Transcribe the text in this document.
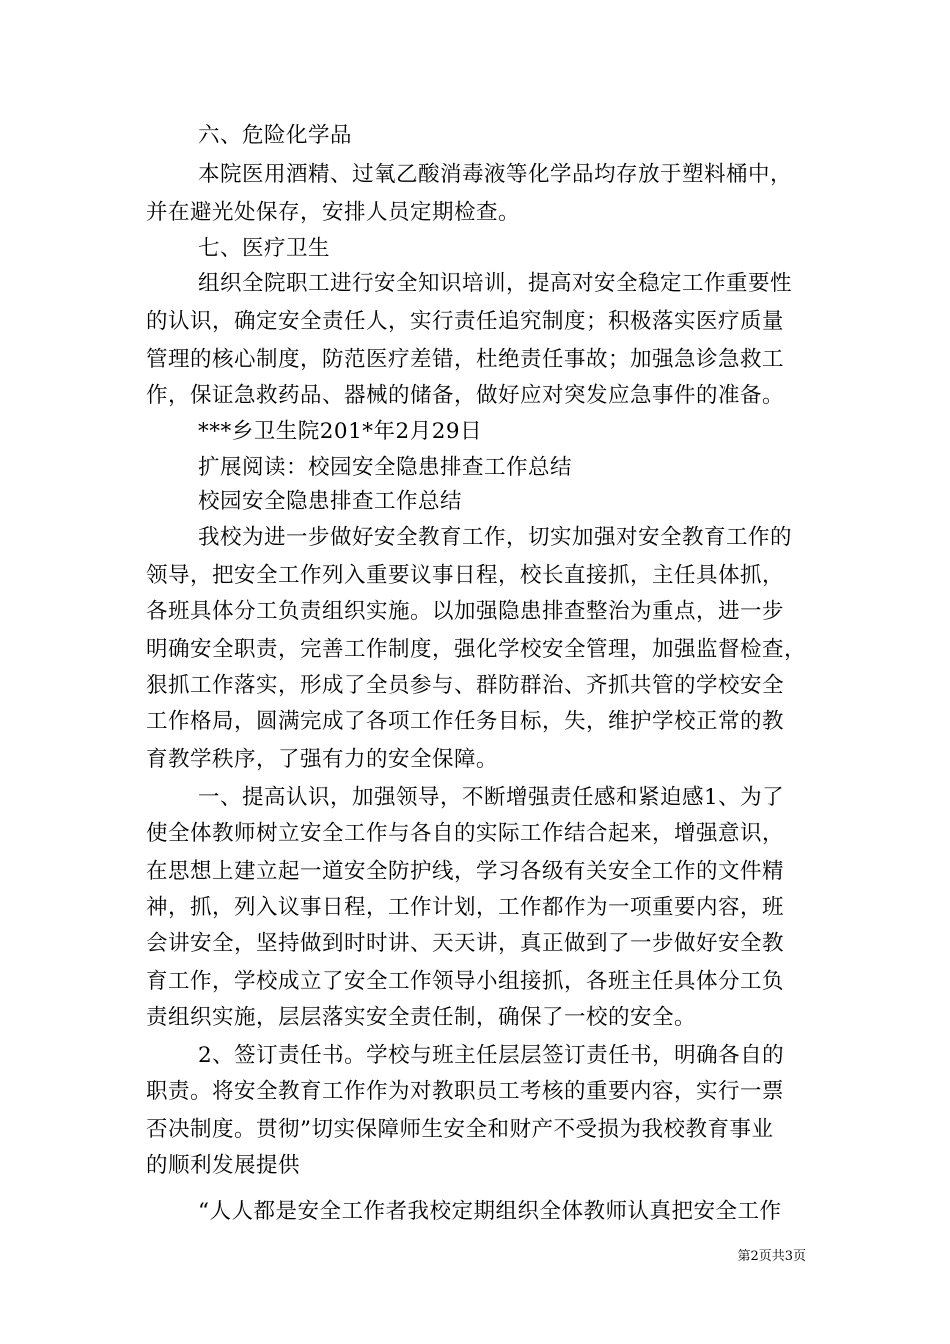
六、危险化学品
本院医用酒精、过氧乙酸消毒液等化学品均存放于塑料桶中，
并在避光处保存，安排人员定期检查。
七、医疗卫生
组织全院职工进行安全知识培训，提高对安全稳定工作重要性
的认识，确定安全责任人，实行责任追究制度；积极落实医疗质量
管理的核心制度，防范医疗差错，杜绝责任事故；加强急诊急救工
作，保证急救药品、器械的储备，做好应对突发应急事件的准备。
***乡卫生院201*年2月29日
扩展阅读：校园安全隐患排查工作总结
校园安全隐患排查工作总结
我校为进一步做好安全教育工作，切实加强对安全教育工作的
领导，把安全工作列入重要议事日程，校长直接抓，主任具体抓，
各班具体分工负责组织实施。以加强隐患排查整治为重点，进一步
明确安全职责，完善工作制度，强化学校安全管理，加强监督检查，
狠抓工作落实，形成了全员参与、群防群治、齐抓共管的学校安全
工作格局，圆满完成了各项工作任务目标，失，维护学校正常的教
育教学秩序，了强有力的安全保障。
一、提高认识，加强领导，不断增强责任感和紧迫感1、为了
使全体教师树立安全工作与各自的实际工作结合起来，增强意识，
在思想上建立起一道安全防护线，学习各级有关安全工作的文件精
神，抓，列入议事日程，工作计划，工作都作为一项重要内容，班
会讲安全，坚持做到时时讲、天天讲，真正做到了一步做好安全教
育工作，学校成立了安全工作领导小组接抓，各班主任具体分工负
责组织实施，层层落实安全责任制，确保了一校的安全。
2、签订责任书。学校与班主任层层签订责任书，明确各自的
职责。将安全教育工作作为对教职员工考核的重要内容，实行一票
否决制度。贯彻”切实保障师生安全和财产不受损为我校教育事业
的顺利发展提供
“人人都是安全工作者我校定期组织全体教师认真把安全工作
第2页共3页
